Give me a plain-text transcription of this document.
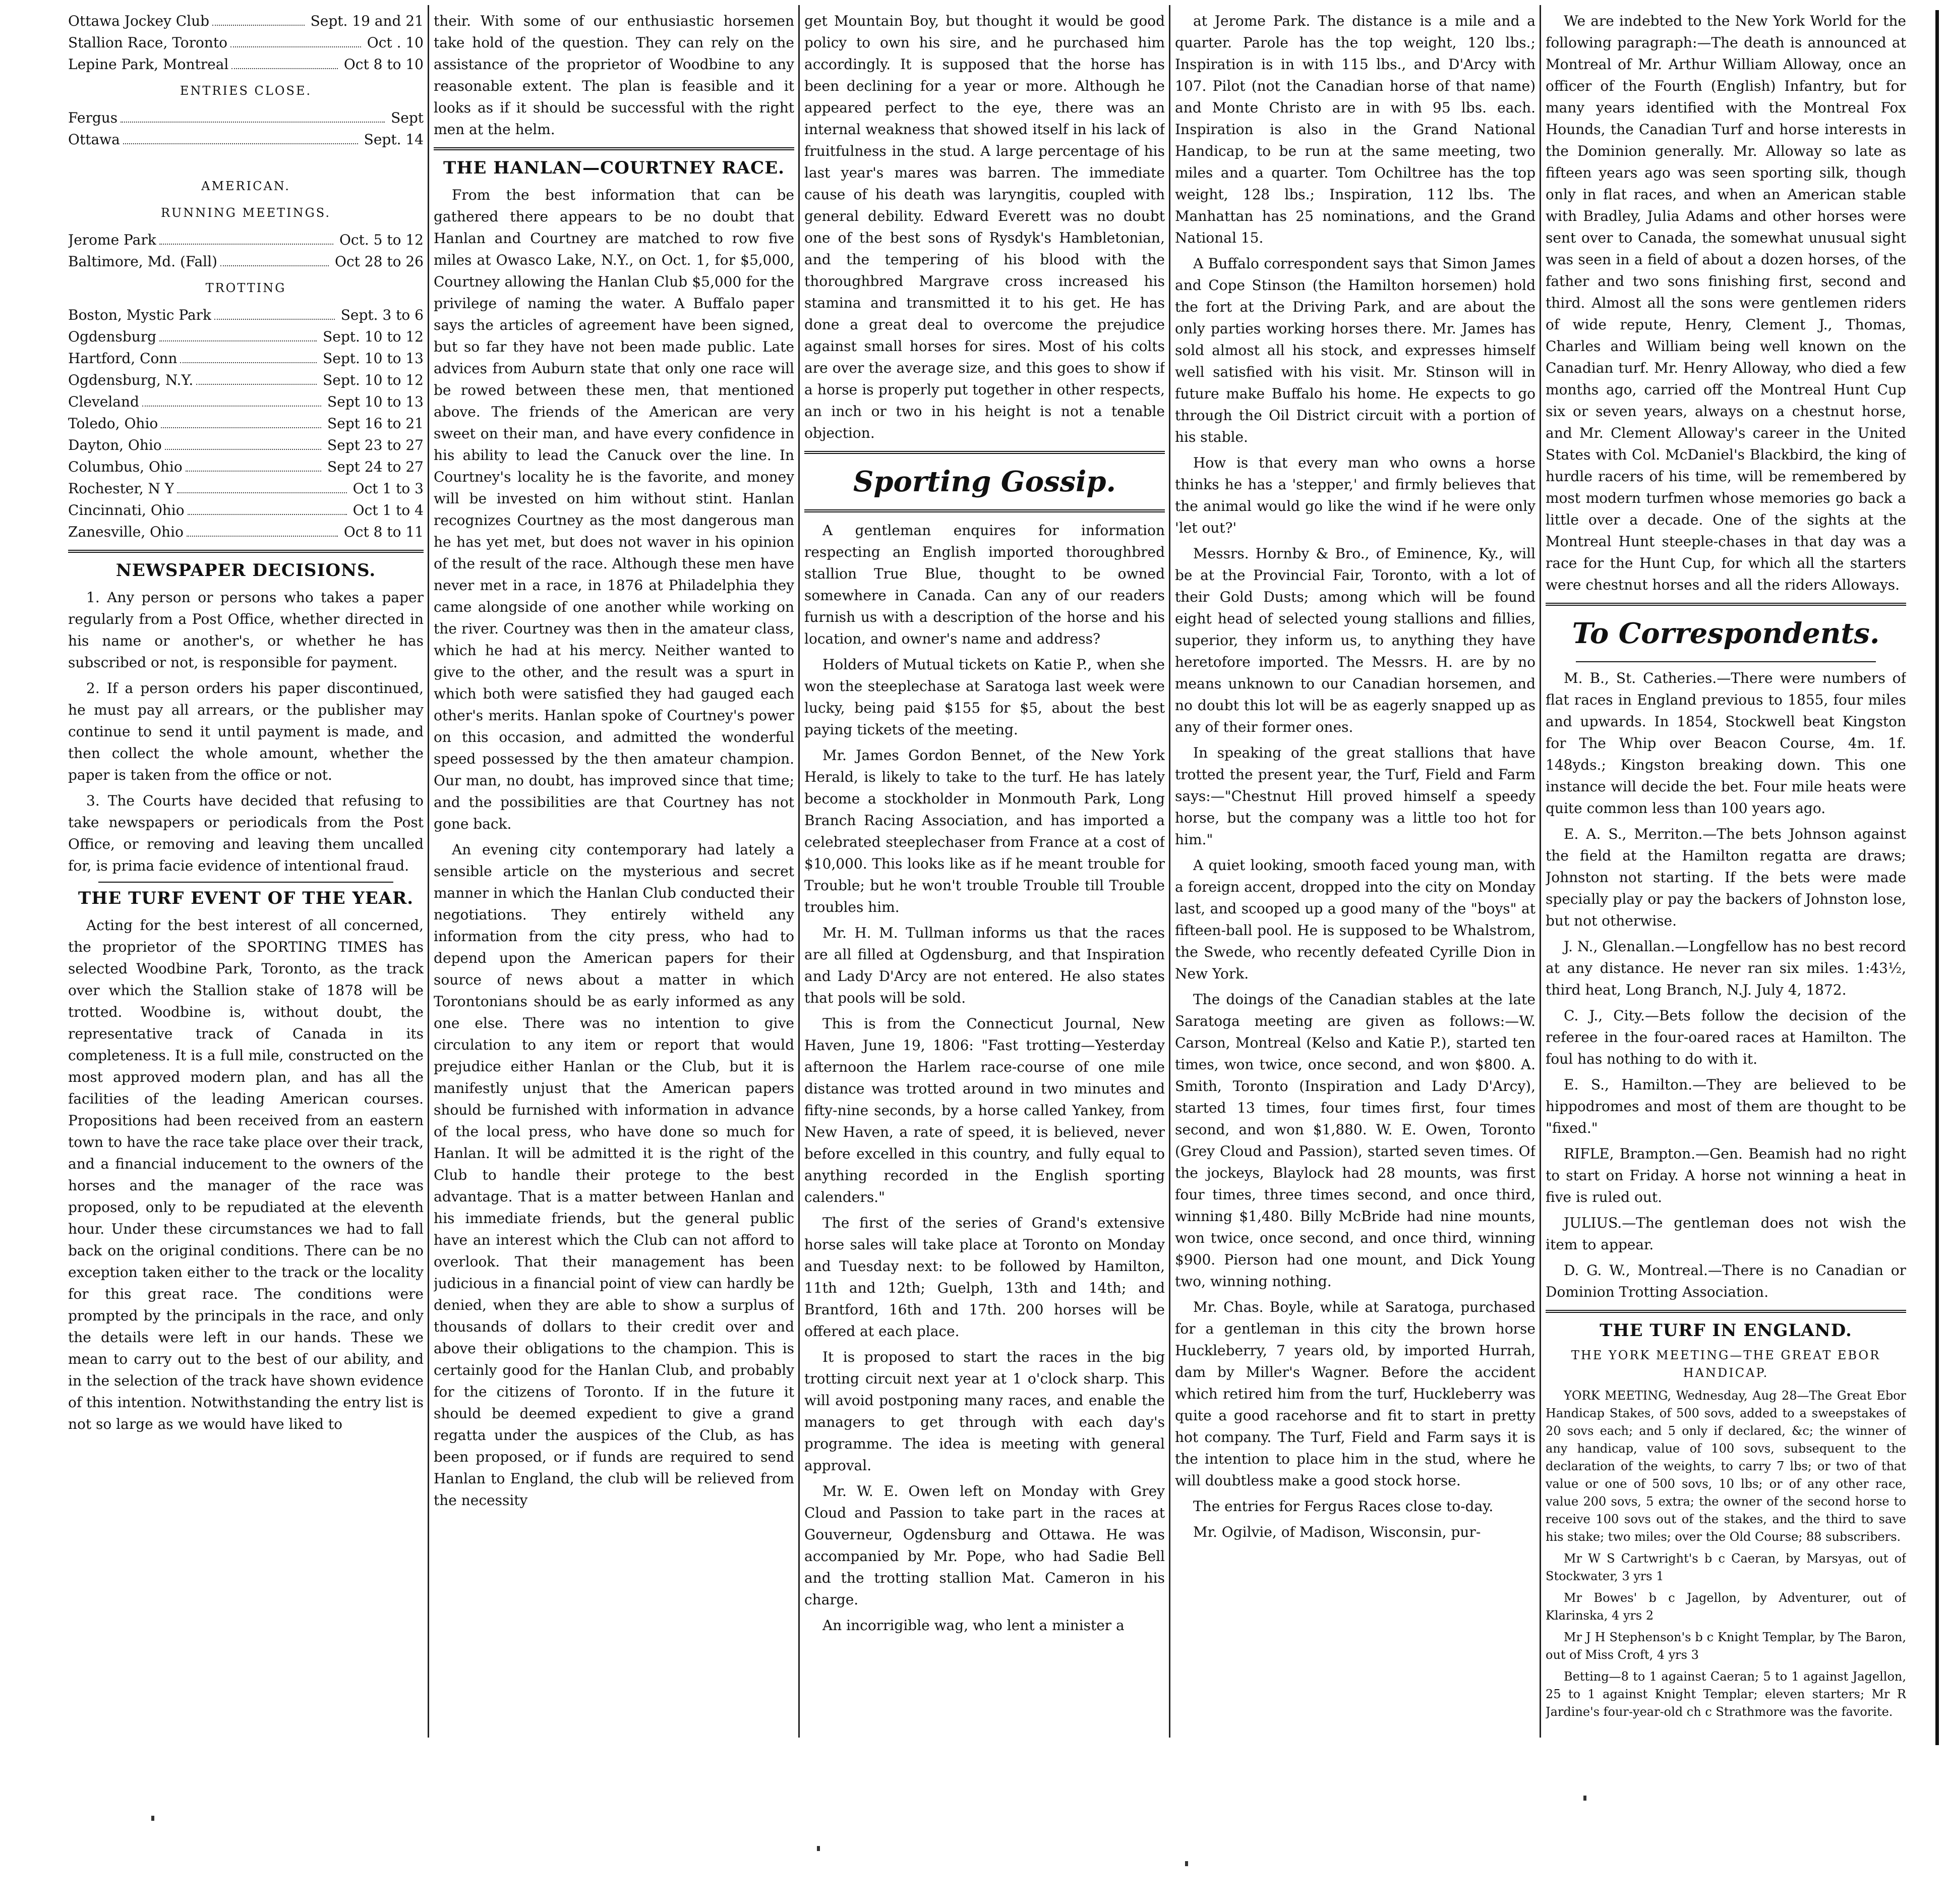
Ottawa Jockey Club	Sept. 19 and 21
Stallion Race, Toronto	Oct . 10
Lepine Park, Montreal	Oct 8 to 10
ENTRIES CLOSE.
Fergus	Sept
Ottawa	Sept. 14
AMERICAN.
RUNNING MEETINGS.
Jerome Park	Oct. 5 to 12
Baltimore, Md. (Fall)	Oct 28 to 26
TROTTING
Boston, Mystic Park	Sept. 3 to 6
Ogdensburg	Sept. 10 to 12
Hartford, Conn	Sept. 10 to 13
Ogdensburg, N.Y.	Sept. 10 to 12
Cleveland	Sept 10 to 13
Toledo, Ohio	Sept 16 to 21
Dayton, Ohio	Sept 23 to 27
Columbus, Ohio	Sept 24 to 27
Rochester, N Y	Oct 1 to 3
Cincinnati, Ohio	Oct 1 to 4
Zanesville, Ohio	Oct 8 to 11
NEWSPAPER DECISIONS.

1. Any person or persons who takes a paper regularly from a Post Office, whether directed in his name or another's, or whether he has subscribed or not, is responsible for payment.

2. If a person orders his paper discontinued, he must pay all arrears, or the publisher may continue to send it until payment is made, and then collect the whole amount, whether the paper is taken from the office or not.

3. The Courts have decided that refusing to take newspapers or periodicals from the Post Office, or removing and leaving them uncalled for, is prima facie evidence of intentional fraud.

THE TURF EVENT OF THE YEAR.

Acting for the best interest of all concerned, the proprietor of the SPORTING TIMES has selected Woodbine Park, Toronto, as the track over which the Stallion stake of 1878 will be trotted. Woodbine is, without doubt, the representative track of Canada in its completeness. It is a full mile, constructed on the most approved modern plan, and has all the facilities of the leading American courses. Propositions had been received from an eastern town to have the race take place over their track, and a financial inducement to the owners of the horses and the manager of the race was proposed, only to be repudiated at the eleventh hour. Under these circumstances we had to fall back on the original conditions. There can be no exception taken either to the track or the locality for this great race. The conditions were prompted by the principals in the race, and only the details were left in our hands. These we mean to carry out to the best of our ability, and in the selection of the track have shown evidence of this intention. Notwithstanding the entry list is not so large as we would have liked to

their. With some of our enthusiastic horsemen take hold of the question. They can rely on the assistance of the proprietor of Woodbine to any reasonable extent. The plan is feasible and it looks as if it should be successful with the right men at the helm.

THE HANLAN—COURTNEY RACE.

From the best information that can be gathered there appears to be no doubt that Hanlan and Courtney are matched to row five miles at Owasco Lake, N.Y., on Oct. 1, for $5,000, Courtney allowing the Hanlan Club $5,000 for the privilege of naming the water. A Buffalo paper says the articles of agreement have been signed, but so far they have not been made public. Late advices from Auburn state that only one race will be rowed between these men, that mentioned above. The friends of the American are very sweet on their man, and have every confidence in his ability to lead the Canuck over the line. In Courtney's locality he is the favorite, and money will be invested on him without stint. Hanlan recognizes Courtney as the most dangerous man he has yet met, but does not waver in his opinion of the result of the race. Although these men have never met in a race, in 1876 at Philadelphia they came alongside of one another while working on the river. Courtney was then in the amateur class, which he had at his mercy. Neither wanted to give to the other, and the result was a spurt in which both were satisfied they had gauged each other's merits. Hanlan spoke of Courtney's power on this occasion, and admitted the wonderful speed possessed by the then amateur champion. Our man, no doubt, has improved since that time; and the possibilities are that Courtney has not gone back.

An evening city contemporary had lately a sensible article on the mysterious and secret manner in which the Hanlan Club conducted their negotiations. They entirely witheld any information from the city press, who had to depend upon the American papers for their source of news about a matter in which Torontonians should be as early informed as any one else. There was no intention to give circulation to any item or report that would prejudice either Hanlan or the Club, but it is manifestly unjust that the American papers should be furnished with information in advance of the local press, who have done so much for Hanlan. It will be admitted it is the right of the Club to handle their protege to the best advantage. That is a matter between Hanlan and his immediate friends, but the general public have an interest which the Club can not afford to overlook. That their management has been judicious in a financial point of view can hardly be denied, when they are able to show a surplus of thousands of dollars to their credit over and above their obligations to the champion. This is certainly good for the Hanlan Club, and probably for the citizens of Toronto. If in the future it should be deemed expedient to give a grand regatta under the auspices of the Club, as has been proposed, or if funds are required to send Hanlan to England, the club will be relieved from the necessity

get Mountain Boy, but thought it would be good policy to own his sire, and he purchased him accordingly. It is supposed that the horse has been declining for a year or more. Although he appeared perfect to the eye, there was an internal weakness that showed itself in his lack of fruitfulness in the stud. A large percentage of his last year's mares was barren. The immediate cause of his death was laryngitis, coupled with general debility. Edward Everett was no doubt one of the best sons of Rysdyk's Hambletonian, and the tempering of his blood with the thoroughbred Margrave cross increased his stamina and transmitted it to his get. He has done a great deal to overcome the prejudice against small horses for sires. Most of his colts are over the average size, and this goes to show if a horse is properly put together in other respects, an inch or two in his height is not a tenable objection.

Sporting Gossip.

A gentleman enquires for information respecting an English imported thoroughbred stallion True Blue, thought to be owned somewhere in Canada. Can any of our readers furnish us with a description of the horse and his location, and owner's name and address?

Holders of Mutual tickets on Katie P., when she won the steeplechase at Saratoga last week were lucky, being paid $155 for $5, about the best paying tickets of the meeting.

Mr. James Gordon Bennet, of the New York Herald, is likely to take to the turf. He has lately become a stockholder in Monmouth Park, Long Branch Racing Association, and has imported a celebrated steeplechaser from France at a cost of $10,000. This looks like as if he meant trouble for Trouble; but he won't trouble Trouble till Trouble troubles him.

Mr. H. M. Tullman informs us that the races are all filled at Ogdensburg, and that Inspiration and Lady D'Arcy are not entered. He also states that pools will be sold.

This is from the Connecticut Journal, New Haven, June 19, 1806: "Fast trotting—Yesterday afternoon the Harlem race-course of one mile distance was trotted around in two minutes and fifty-nine seconds, by a horse called Yankey, from New Haven, a rate of speed, it is believed, never before excelled in this country, and fully equal to anything recorded in the English sporting calenders."

The first of the series of Grand's extensive horse sales will take place at Toronto on Monday and Tuesday next: to be followed by Hamilton, 11th and 12th; Guelph, 13th and 14th; and Brantford, 16th and 17th. 200 horses will be offered at each place.

It is proposed to start the races in the big trotting circuit next year at 1 o'clock sharp. This will avoid postponing many races, and enable the managers to get through with each day's programme. The idea is meeting with general approval.

Mr. W. E. Owen left on Monday with Grey Cloud and Passion to take part in the races at Gouverneur, Ogdensburg and Ottawa. He was accompanied by Mr. Pope, who had Sadie Bell and the trotting stallion Mat. Cameron in his charge.

An incorrigible wag, who lent a minister a

at Jerome Park. The distance is a mile and a quarter. Parole has the top weight, 120 lbs.; Inspiration is in with 115 lbs., and D'Arcy with 107. Pilot (not the Canadian horse of that name) and Monte Christo are in with 95 lbs. each. Inspiration is also in the Grand National Handicap, to be run at the same meeting, two miles and a quarter. Tom Ochiltree has the top weight, 128 lbs.; Inspiration, 112 lbs. The Manhattan has 25 nominations, and the Grand National 15.

A Buffalo correspondent says that Simon James and Cope Stinson (the Hamilton horsemen) hold the fort at the Driving Park, and are about the only parties working horses there. Mr. James has sold almost all his stock, and expresses himself well satisfied with his visit. Mr. Stinson will in future make Buffalo his home. He expects to go through the Oil District circuit with a portion of his stable.

How is that every man who owns a horse thinks he has a 'stepper,' and firmly believes that the animal would go like the wind if he were only 'let out?'

Messrs. Hornby & Bro., of Eminence, Ky., will be at the Provincial Fair, Toronto, with a lot of their Gold Dusts; among which will be found eight head of selected young stallions and fillies, superior, they inform us, to anything they have heretofore imported. The Messrs. H. are by no means unknown to our Canadian horsemen, and no doubt this lot will be as eagerly snapped up as any of their former ones.

In speaking of the great stallions that have trotted the present year, the Turf, Field and Farm says:—"Chestnut Hill proved himself a speedy horse, but the company was a little too hot for him."

A quiet looking, smooth faced young man, with a foreign accent, dropped into the city on Monday last, and scooped up a good many of the "boys" at fifteen-ball pool. He is supposed to be Whalstrom, the Swede, who recently defeated Cyrille Dion in New York.

The doings of the Canadian stables at the late Saratoga meeting are given as follows:—W. Carson, Montreal (Kelso and Katie P.), started ten times, won twice, once second, and won $800. A. Smith, Toronto (Inspiration and Lady D'Arcy), started 13 times, four times first, four times second, and won $1,880. W. E. Owen, Toronto (Grey Cloud and Passion), started seven times. Of the jockeys, Blaylock had 28 mounts, was first four times, three times second, and once third, winning $1,480. Billy McBride had nine mounts, won twice, once second, and once third, winning $900. Pierson had one mount, and Dick Young two, winning nothing.

Mr. Chas. Boyle, while at Saratoga, purchased for a gentleman in this city the brown horse Huckleberry, 7 years old, by imported Hurrah, dam by Miller's Wagner. Before the accident which retired him from the turf, Huckleberry was quite a good racehorse and fit to start in pretty hot company. The Turf, Field and Farm says it is the intention to place him in the stud, where he will doubtless make a good stock horse.

The entries for Fergus Races close to-day.

Mr. Ogilvie, of Madison, Wisconsin, pur-

We are indebted to the New York World for the following paragraph:—The death is announced at Montreal of Mr. Arthur William Alloway, once an officer of the Fourth (English) Infantry, but for many years identified with the Montreal Fox Hounds, the Canadian Turf and horse interests in the Dominion generally. Mr. Alloway so late as fifteen years ago was seen sporting silk, though only in flat races, and when an American stable with Bradley, Julia Adams and other horses were sent over to Canada, the somewhat unusual sight was seen in a field of about a dozen horses, of the father and two sons finishing first, second and third. Almost all the sons were gentlemen riders of wide repute, Henry, Clement J., Thomas, Charles and William being well known on the Canadian turf. Mr. Henry Alloway, who died a few months ago, carried off the Montreal Hunt Cup six or seven years, always on a chestnut horse, and Mr. Clement Alloway's career in the United States with Col. McDaniel's Blackbird, the king of hurdle racers of his time, will be remembered by most modern turfmen whose memories go back a little over a decade. One of the sights at the Montreal Hunt steeple-chases in that day was a race for the Hunt Cup, for which all the starters were chestnut horses and all the riders Alloways.

To Correspondents.

M. B., St. Catheries.—There were numbers of flat races in England previous to 1855, four miles and upwards. In 1854, Stockwell beat Kingston for The Whip over Beacon Course, 4m. 1f. 148yds.; Kingston breaking down. This one instance will decide the bet. Four mile heats were quite common less than 100 years ago.

E. A. S., Merriton.—The bets Johnson against the field at the Hamilton regatta are draws; Johnston not starting. If the bets were made specially play or pay the backers of Johnston lose, but not otherwise.

J. N., Glenallan.—Longfellow has no best record at any distance. He never ran six miles. 1:43½, third heat, Long Branch, N.J. July 4, 1872.

C. J., City.—Bets follow the decision of the referee in the four-oared races at Hamilton. The foul has nothing to do with it.

E. S., Hamilton.—They are believed to be hippodromes and most of them are thought to be "fixed."

RIFLE, Brampton.—Gen. Beamish had no right to start on Friday. A horse not winning a heat in five is ruled out.

JULIUS.—The gentleman does not wish the item to appear.

D. G. W., Montreal.—There is no Canadian or Dominion Trotting Association.

THE TURF IN ENGLAND.
THE YORK MEETING—THE GREAT EBOR HANDICAP.

YORK MEETING, Wednesday, Aug 28—The Great Ebor Handicap Stakes, of 500 sovs, added to a sweepstakes of 20 sovs each; and 5 only if declared, &c; the winner of any handicap, value of 100 sovs, subsequent to the declaration of the weights, to carry 7 lbs; or two of that value or one of 500 sovs, 10 lbs; or of any other race, value 200 sovs, 5 extra; the owner of the second horse to receive 100 sovs out of the stakes, and the third to save his stake; two miles; over the Old Course; 88 subscribers.

Mr W S Cartwright's b c Caeran, by Marsyas, out of Stockwater, 3 yrs 1

Mr Bowes' b c Jagellon, by Adventurer, out of Klarinska, 4 yrs 2

Mr J H Stephenson's b c Knight Templar, by The Baron, out of Miss Croft, 4 yrs 3

Betting—8 to 1 against Caeran; 5 to 1 against Jagellon, 25 to 1 against Knight Templar; eleven starters; Mr R Jardine's four-year-old ch c Strathmore was the favorite.
